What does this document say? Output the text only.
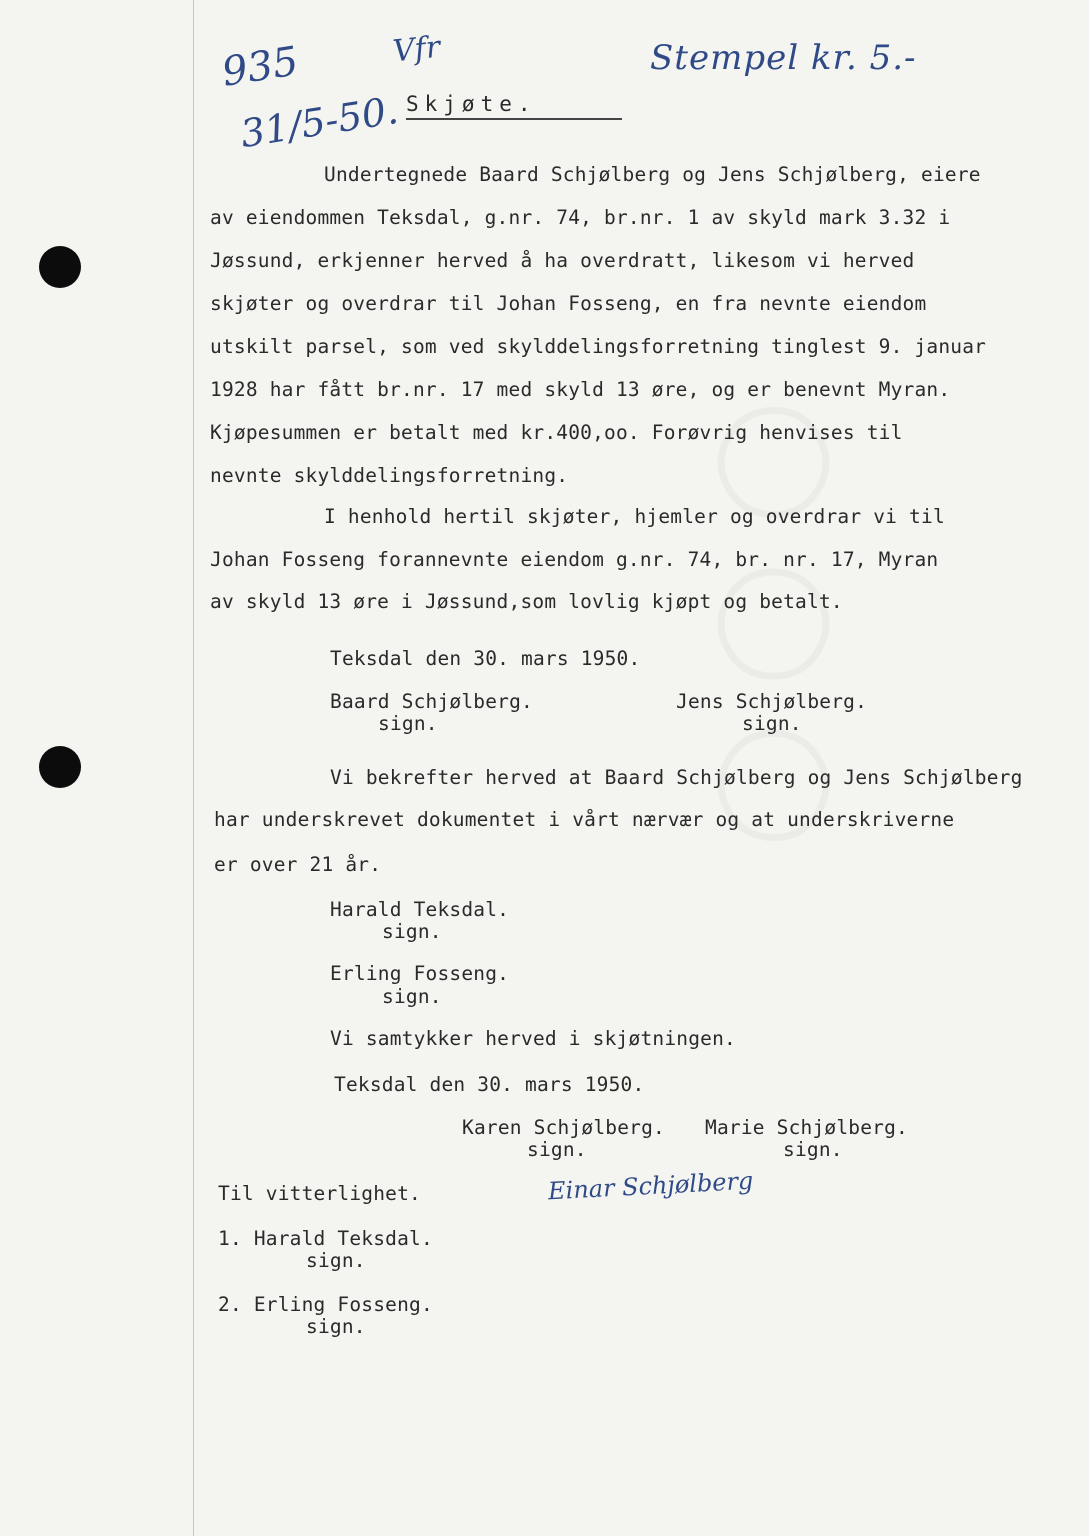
935
31/5-50.
Vfr	Stempel kr. 5.-
Skjøte.
Undertegnede Baard Schjølberg og Jens Schjølberg, eiere
av eiendommen Teksdal, g.nr. 74, br.nr. 1 av skyld mark 3.32 i
Jøssund, erkjenner herved å ha overdratt, likesom vi herved
skjøter og overdrar til Johan Fosseng, en fra nevnte eiendom
utskilt parsel, som ved skylddelingsforretning tinglest 9. januar
1928 har fått br.nr. 17 med skyld 13 øre, og er benevnt Myran.
Kjøpesummen er betalt med kr.400,oo. Forøvrig henvises til
nevnte skylddelingsforretning.
I henhold hertil skjøter, hjemler og overdrar vi til
Johan Fosseng forannevnte eiendom g.nr. 74, br. nr. 17, Myran
av skyld 13 øre i Jøssund,som lovlig kjøpt og betalt.
Teksdal den 30. mars 1950.
Baard Schjølberg.
sign.
Jens Schjølberg.
sign.
Vi bekrefter herved at Baard Schjølberg og Jens Schjølberg
har underskrevet dokumentet i vårt nærvær og at underskriverne
er over 21 år.
Harald Teksdal.
sign.
Erling Fosseng.
sign.
Vi samtykker herved i skjøtningen.
Teksdal den 30. mars 1950.
Karen Schjølberg.
sign.
Marie Schjølberg.
sign.
Einar Schjølberg
Til vitterlighet.
1. Harald Teksdal.
sign.
2. Erling Fosseng.
sign.
